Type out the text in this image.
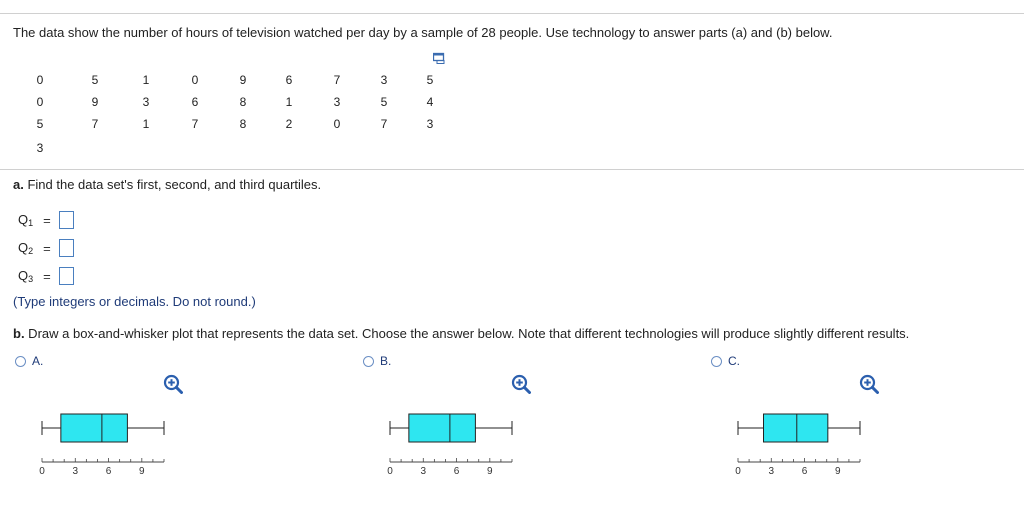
The data show the number of hours of television watched per day by a sample of 28 people. Use technology to answer parts (a) and (b) below.
0	5	1	0	9	6	7	3	5
0	9	3	6	8	1	3	5	4
5	7	1	7	8	2	0	7	3
3
a. Find the data set's first, second, and third quartiles.
$Q_1$ =
$Q_2$ =
$Q_3$ =
(Type integers or decimals. Do not round.)
b. Draw a box-and-whisker plot that represents the data set. Choose the answer below. Note that different technologies will produce slightly different results.
A.	B.	C.
0	3	6	9	0	3	6	9	0	3	6	9
